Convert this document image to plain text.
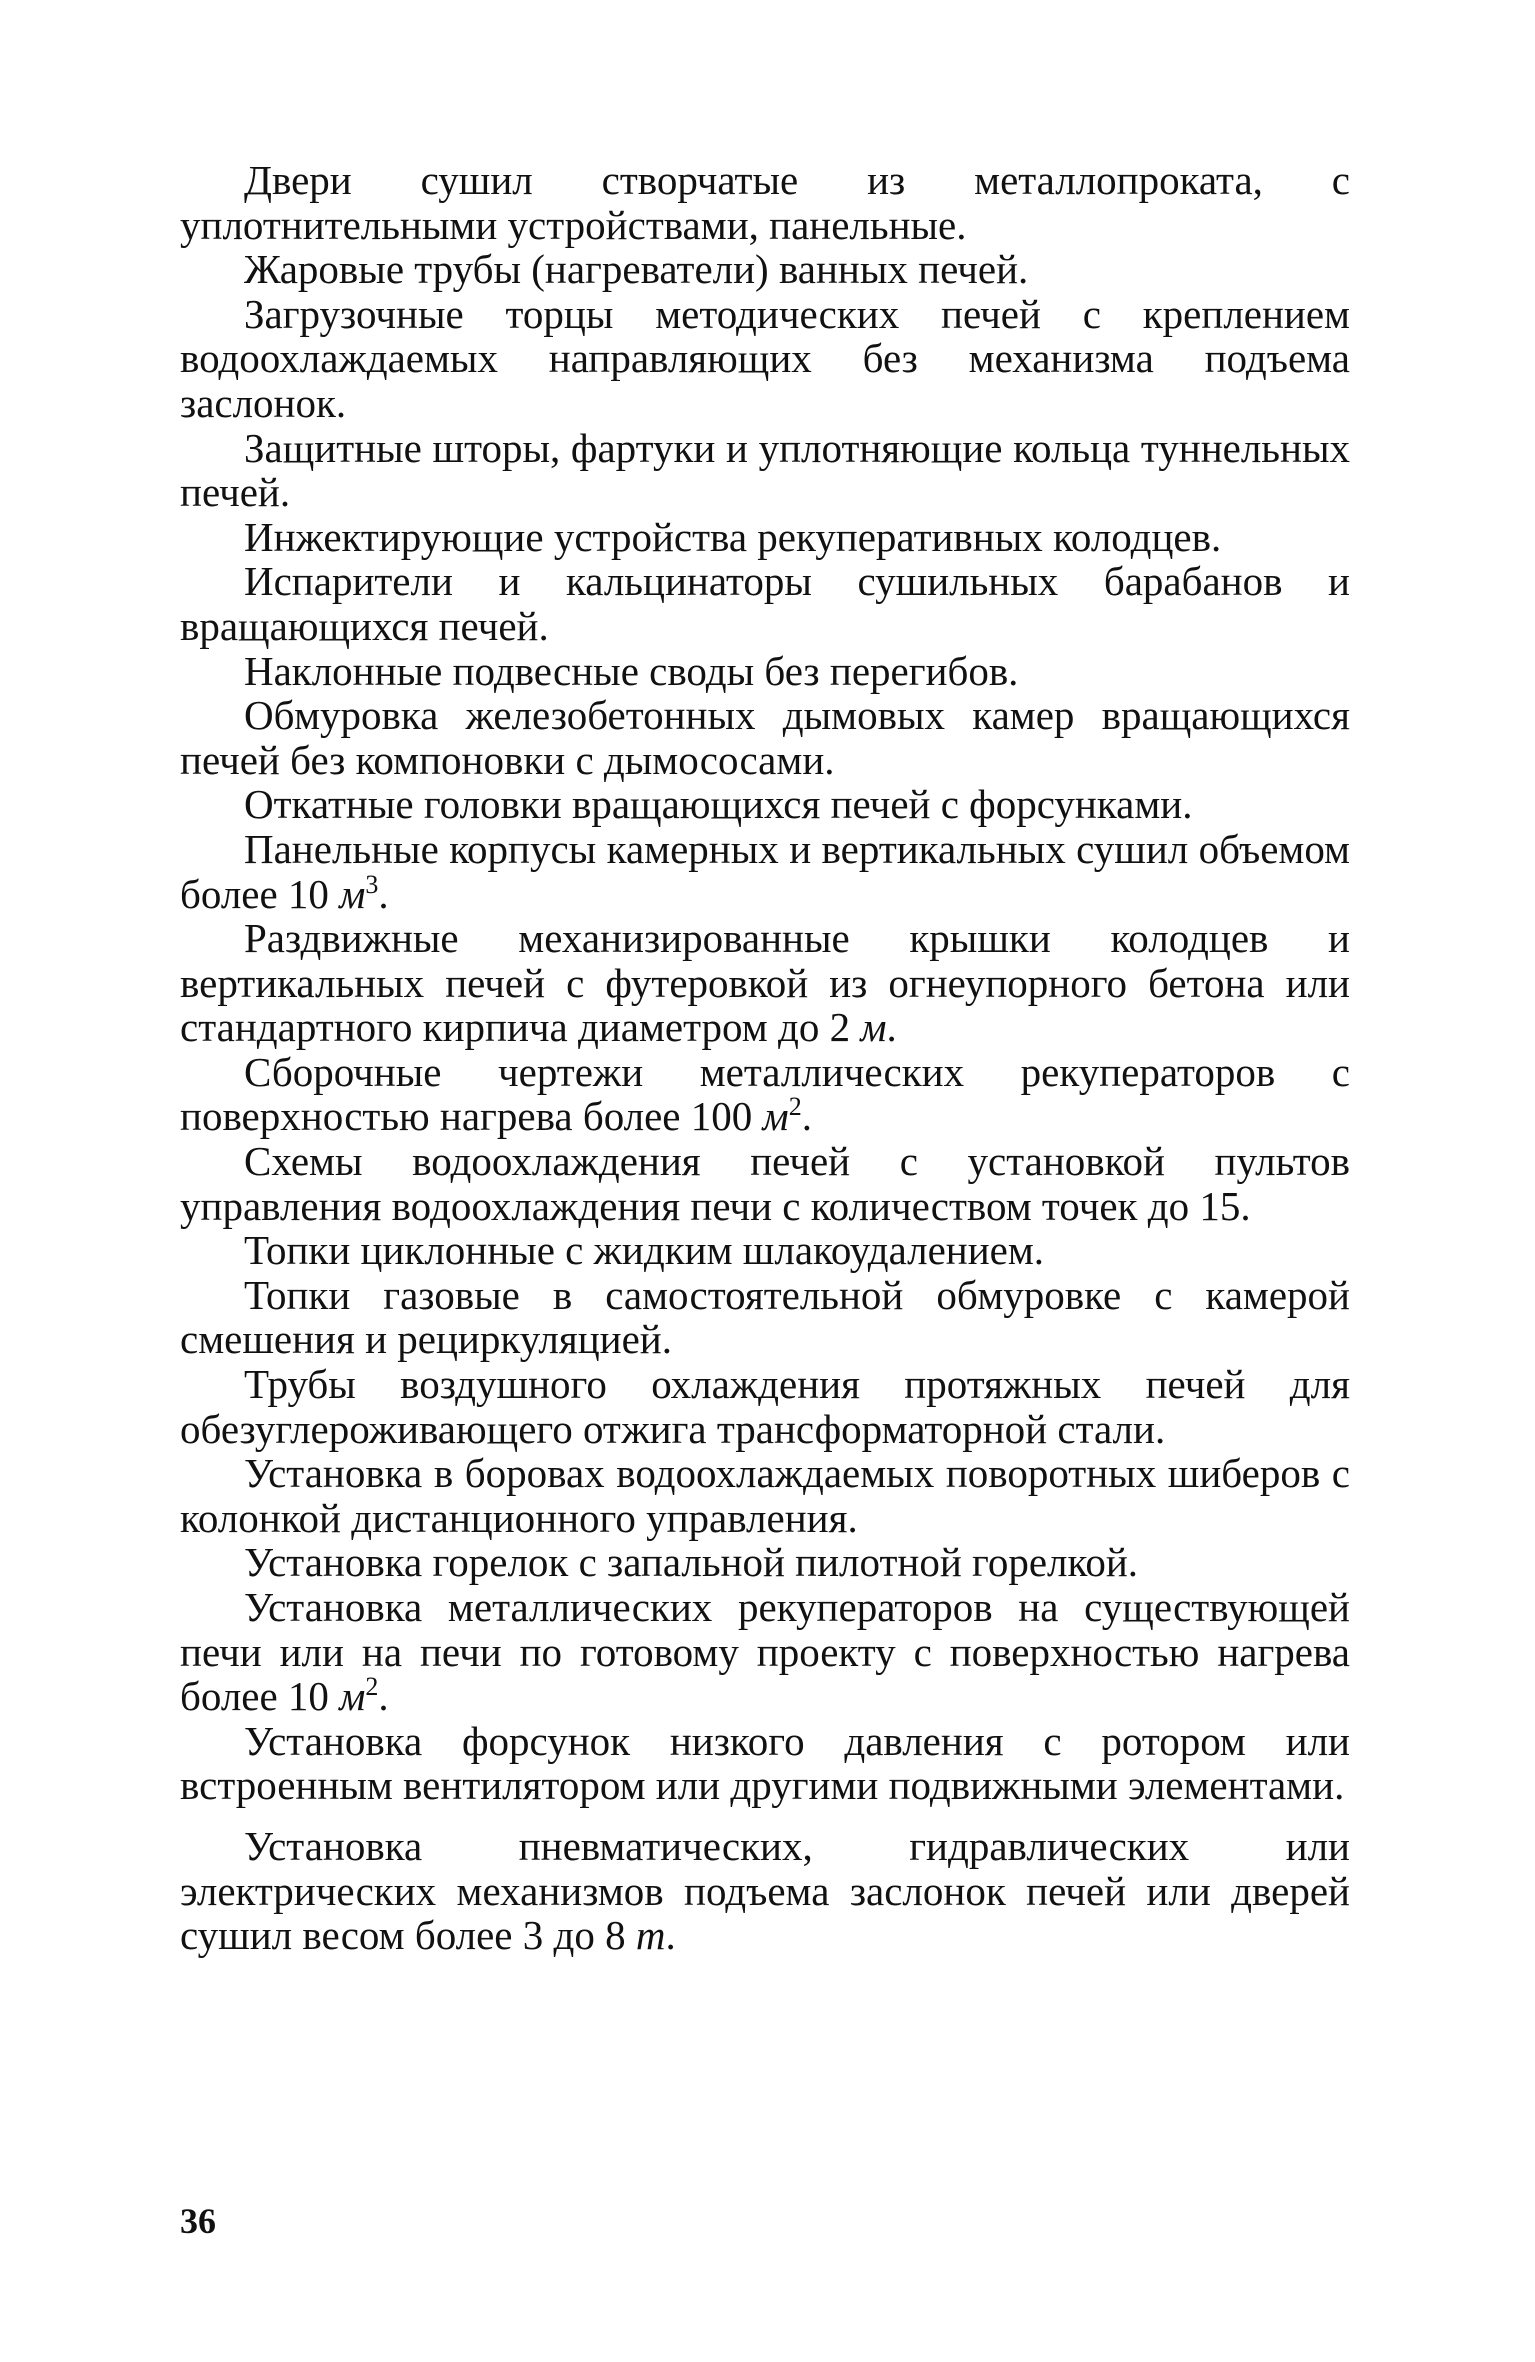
Двери сушил створчатые из металлопроката, с уплотнительными устройствами, панельные.

Жаровые трубы (нагреватели) ванных печей.

Загрузочные торцы методических печей с креплением водоохлаждаемых направляющих без механизма подъема заслонок.

Защитные шторы, фартуки и уплотняющие кольца туннельных печей.

Инжектирующие устройства рекуперативных колодцев.

Испарители и кальцинаторы сушильных барабанов и вращающихся печей.

Наклонные подвесные своды без перегибов.

Обмуровка железобетонных дымовых камер вращающихся печей без компоновки с дымососами.

Откатные головки вращающихся печей с форсунками.

Панельные корпусы камерных и вертикальных сушил объемом более 10 $м^3$.

Раздвижные механизированные крышки колодцев и вертикальных печей с футеровкой из огнеупорного бетона или стандартного кирпича диаметром до 2 м.

Сборочные чертежи металлических рекуператоров с поверхностью нагрева более 100 $м^2$.

Схемы водоохлаждения печей с установкой пультов управления водоохлаждения печи с количеством точек до 15.

Топки циклонные с жидким шлакоудалением.

Топки газовые в самостоятельной обмуровке с камерой смешения и рециркуляцией.

Трубы воздушного охлаждения протяжных печей для обезуглероживающего отжига трансформаторной стали.

Установка в боровах водоохлаждаемых поворотных шиберов с колонкой дистанционного управления.

Установка горелок с запальной пилотной горелкой.

Установка металлических рекуператоров на существующей печи или на печи по готовому проекту с поверхностью нагрева более 10 $м^2$.

Установка форсунок низкого давления с ротором или встроенным вентилятором или другими подвижными элементами.

Установка пневматических, гидравлических или электрических механизмов подъема заслонок печей или дверей сушил весом более 3 до 8 т.

36
